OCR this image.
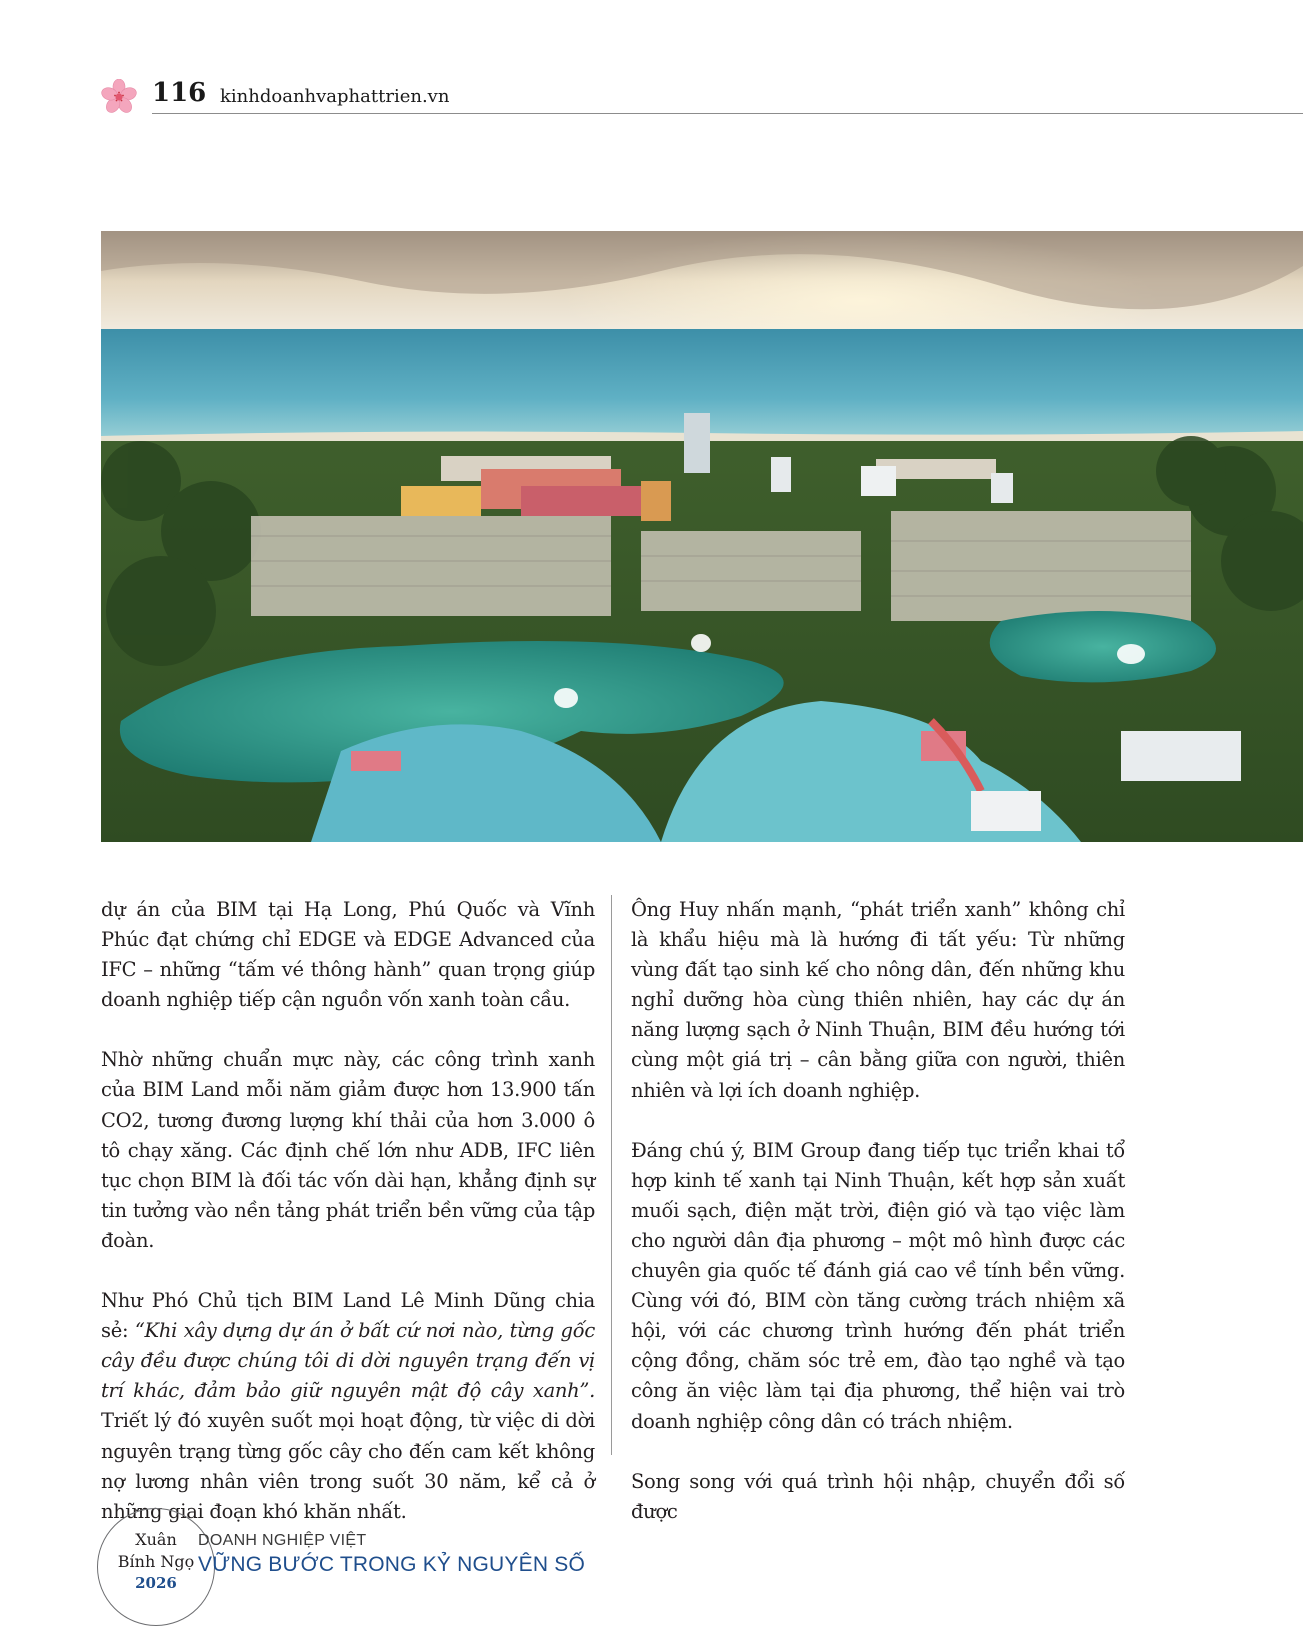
116 kinhdoanhvaphattrien.vn

dự án của BIM tại Hạ Long, Phú Quốc và Vĩnh Phúc đạt chứng chỉ EDGE và EDGE Advanced của IFC – những “tấm vé thông hành” quan trọng giúp doanh nghiệp tiếp cận nguồn vốn xanh toàn cầu.

Nhờ những chuẩn mực này, các công trình xanh của BIM Land mỗi năm giảm được hơn 13.900 tấn CO2, tương đương lượng khí thải của hơn 3.000 ô tô chạy xăng. Các định chế lớn như ADB, IFC liên tục chọn BIM là đối tác vốn dài hạn, khẳng định sự tin tưởng vào nền tảng phát triển bền vững của tập đoàn.

Như Phó Chủ tịch BIM Land Lê Minh Dũng chia sẻ: “Khi xây dựng dự án ở bất cứ nơi nào, từng gốc cây đều được chúng tôi di dời nguyên trạng đến vị trí khác, đảm bảo giữ nguyên mật độ cây xanh”. Triết lý đó xuyên suốt mọi hoạt động, từ việc di dời nguyên trạng từng gốc cây cho đến cam kết không nợ lương nhân viên trong suốt 30 năm, kể cả ở những giai đoạn khó khăn nhất.

Ông Huy nhấn mạnh, “phát triển xanh” không chỉ là khẩu hiệu mà là hướng đi tất yếu: Từ những vùng đất tạo sinh kế cho nông dân, đến những khu nghỉ dưỡng hòa cùng thiên nhiên, hay các dự án năng lượng sạch ở Ninh Thuận, BIM đều hướng tới cùng một giá trị – cân bằng giữa con người, thiên nhiên và lợi ích doanh nghiệp.

Đáng chú ý, BIM Group đang tiếp tục triển khai tổ hợp kinh tế xanh tại Ninh Thuận, kết hợp sản xuất muối sạch, điện mặt trời, điện gió và tạo việc làm cho người dân địa phương – một mô hình được các chuyên gia quốc tế đánh giá cao về tính bền vững. Cùng với đó, BIM còn tăng cường trách nhiệm xã hội, với các chương trình hướng đến phát triển cộng đồng, chăm sóc trẻ em, đào tạo nghề và tạo công ăn việc làm tại địa phương, thể hiện vai trò doanh nghiệp công dân có trách nhiệm.

Song song với quá trình hội nhập, chuyển đổi số được

Xuân
Bính Ngọ
2026
DOANH NGHIỆP VIỆT
VỮNG BƯỚC TRONG KỶ NGUYÊN SỐ
